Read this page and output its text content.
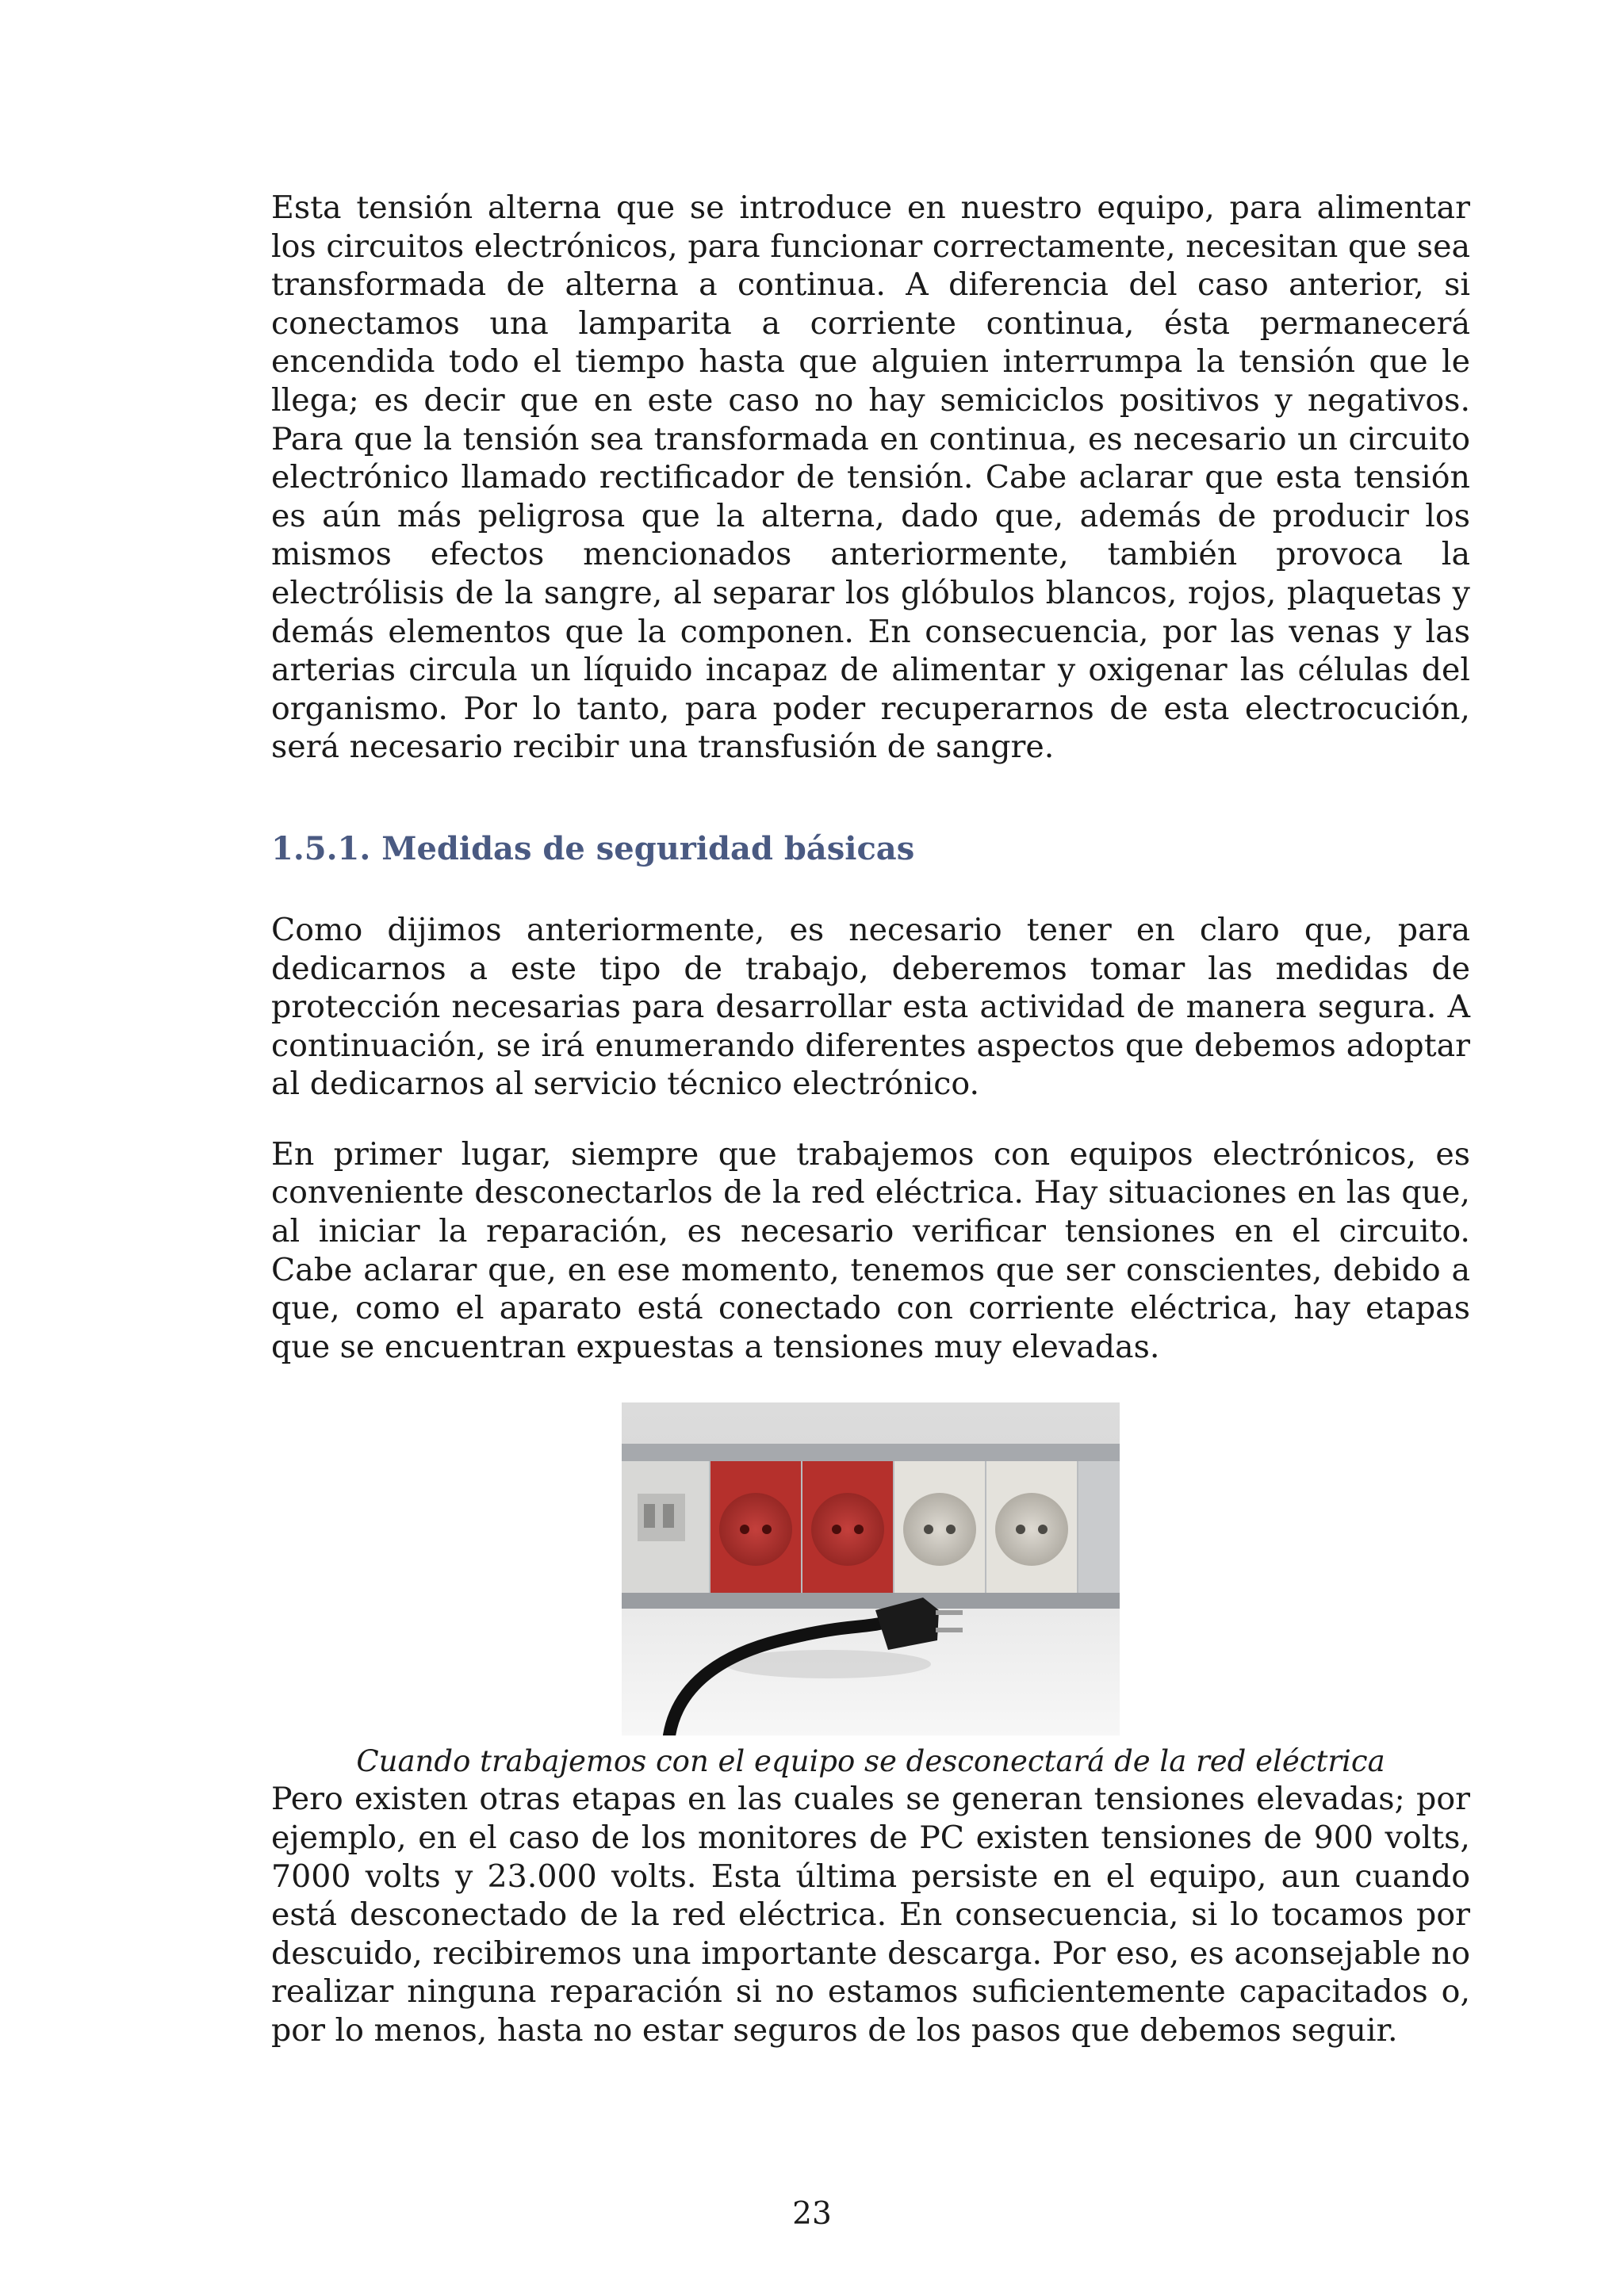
Esta tensión alterna que se introduce en nuestro equipo, para alimentar los circuitos electrónicos, para funcionar correctamente, necesitan que sea transformada de alterna a continua. A diferencia del caso anterior, si conectamos una lamparita a corriente continua, ésta permanecerá encendida todo el tiempo hasta que alguien interrumpa la tensión que le llega; es decir que en este caso no hay semiciclos positivos y negativos. Para que la tensión sea transformada en continua, es necesario un circuito electrónico llamado rectificador de tensión. Cabe aclarar que esta tensión es aún más peligrosa que la alterna, dado que, además de producir los mismos efectos mencionados anteriormente, también provoca la electrólisis de la sangre, al separar los glóbulos blancos, rojos, plaquetas y demás elementos que la componen. En consecuencia, por las venas y las arterias circula un líquido incapaz de alimentar y oxigenar las células del organismo. Por lo tanto, para poder recuperarnos de esta electrocución, será necesario recibir una transfusión de sangre.

1.5.1. Medidas de seguridad básicas

Como dijimos anteriormente, es necesario tener en claro que, para dedicarnos a este tipo de trabajo, deberemos tomar las medidas de protección necesarias para desarrollar esta actividad de manera segura. A continuación, se irá enumerando diferentes aspectos que debemos adoptar al dedicarnos al servicio técnico electrónico.

En primer lugar, siempre que trabajemos con equipos electrónicos, es conveniente desconectarlos de la red eléctrica. Hay situaciones en las que, al iniciar la reparación, es necesario verificar tensiones en el circuito. Cabe aclarar que, en ese momento, tenemos que ser conscientes, debido a que, como el aparato está conectado con corriente eléctrica, hay etapas que se encuentran expuestas a tensiones muy elevadas.

Cuando trabajemos con el equipo se desconectará de la red eléctrica

Pero existen otras etapas en las cuales se generan tensiones elevadas; por ejemplo, en el caso de los monitores de PC existen tensiones de 900 volts, 7000 volts y 23.000 volts. Esta última persiste en el equipo, aun cuando está desconectado de la red eléctrica. En consecuencia, si lo tocamos por descuido, recibiremos una importante descarga. Por eso, es aconsejable no realizar ninguna reparación si no estamos suficientemente capacitados o, por lo menos, hasta no estar seguros de los pasos que debemos seguir.

23
